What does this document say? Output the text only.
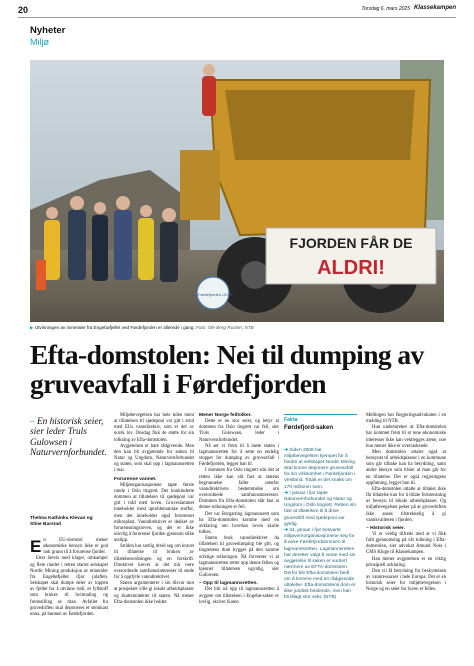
20	Torsdag 6. mars 2025 Klassekampen
Nyheter
Miljø
FJORDEN FÅR DE
ALDRI!
La Førdefjorden LEVE!
▶ Utvinningen av mineraler fra Engebøfjellet ved Førdefjorden er allerede i gang. Foto: Ole Berg-Rusten, NTB
Efta-domstolen: Nei til dumping av gruveavfall i Førdefjorden
– En historisk seier, sier leder Truls Gulowsen i Naturvernforbundet.
Thelma Kathinka Klevan og
Stine Barstad

En EU-domstol mener økonomiske hensyn ikke er god nok grunn til å forurense fjorder.

Etter årevis med klager, omkamper og flere runder i retten startet selskapet Nordic Mining produksjon av mineraler fra Engebøfjellet ifjor julaften. Selskapet skal dumpe deler av toppen av fjellet for å utvinne rutil, et fyllstoff som brukes til hvitmaling og fremstilling av titan. Avfallet fra gruvedriften skal deponeres et steinkast unna, på bunnen av Førdefjorden.

Miljøbevegelsen har hele tiden ment at tillatelsen til sjødeponi var gitt i strid med EUs vanndirektiv, som er del av norsk lov. Onsdag fikk de støtte for sin tolkning av Efta-domstolen.

Avgjørelsen er bare rådgivende. Men den kan bli avgjørende for anken til Natur og Ungdom, Naturvernforbundet og staten, som skal opp i lagmannsretten i mai.

Forurense vannet.

Miljøorganisasjonene tapte første runde i Oslo tingrett. Der konkluderte dommen at tillatelsen til sjødeponi var gitt i tråd med loven. Gruveslammet inneholder mest uproblematiske stoffer, men det inneholder også forurenset mikroplast. Vanndirektivet er dekket av forurensningsloven, og det er ikke ulovlig å forurense fjorden gjennom slike utslipp.

Striden har særlig dreid seg om kravet til tillatelse til bruken av tillatelsesordningen og en forskrift. Direktivet krever at det må være overordnede samfunnsinteresser til stede for å oppfylle vanndirektivet.

Staten argumenterer i sin tilsvar mot at prosjektet ville gi lokale arbeidsplasser og skatteinntekter til staten. Nå mener Efta-domstolen ikke holder.

Mener Norge feiltolker.

Dette er en stor seier, og betyr at dommen fra Oslo tingrett var feil, sier Truls Gulowsen, leder i Naturvernforbundet.

Nå ser vi frem til å møte staten i lagmannsretten for å sette en endelig stopper for dumping av gruveavfall i Førdefjorden, legger han til.

I dommen fra Oslo tingrett står det at retten ikke kan slå fast at statens begrunnelse faller utenfor vanndirektivets bestemmelse om overordnede samfunnsinteresser. Dommen fra Efta-domstolen slår fast at denne tolkningen er feil.

Det var Borgarting lagmannsrett som ba Efta-domstolen komme med en avklaring om hvordan loven skulle tolkes.

Staten bruk vanndirektivet da tillatelsen til gruvedumping ble gitt, og tingrettens dom bygger på den samme uriktige tolkningen. Nå forventer vi at lagmannsretten retter opp denne feilen og kjenner tillatelsen ugyldig, sier Gulowsen.

– Opp til lagmannsretten.

Det blir nå opp til lagmannsretten å avgjøre om tillatelsen i Engebø-saken er lovlig, skriver Karen

Fakta
Førdefjord-saken

➜ Siden 2008 har miljøbevegelsen kjempet for å hindre at selskapet Nordic Mining skal kunne deponere gruveavfall fra sin virksomhet i Førdefjorden i Vestland. Totalt er det snakk om 170 millioner tonn.

➜ I januar i fjor tapte Naturvernforbundet og Natur og Ungdom i Oslo tingrett. Retten slo fast at tillatelsen til å drive gruvedrift med sjødeponi var gyldig.

➜ 31. januar i fjor besvarte miljøvernorganisasjonene seg for å anke Førdefjorddommen til lagmannsretten. Lagmannsretten har deretter valgt å vente med sin avgjørelse til saken er vurdert nærmere av EFTA-domstolen. Derfor ble Efta-domstolen bedt om å komme med en rådgivende uttalelse. Efta-domstolens dom er ikke juridisk bindende, men kan bli tillagt stor vekt. (NTB)

Mellingen hos Regjeringsadvokaten i en melding til NTB.

Hun understreker at Efta-domstolen har kommet frem til at rene økonomiske interesser ikke kan vektlegges alene, noe hun mener ikke er overraskende.

Men domstolen uttaler også at hensynet til arbeidsplasser i en kommune som går tilbake kan ha betydning, samt andre hensyn som tilsier at man går for en tillatelse. Det er også regjeringens oppfatning, legger hun til.

Efta-domstolen uttalte at tiltaket ikke får tillatelse kun for å tillate forurensning av hensyn til lokale arbeidsplasser. Og miljøbevegelsen peker på at gruvedriften ikke anses tilstrekkelig å gi vannkvaliteten i fjorden.

– Historisk seier.

Vi er veldig tilfreds med at vi fikk fullt gjennomslag på vår tolkning i Efta-domstolen, sier advokat Amund Noss i CMS Kluge til Klassekampen.

Han mener avgjørelsen er en viktig prinsipiell avklaring.

Den vil få betydning for beskyttelsen av vannressurser i hele Europa. Det er en historisk seier for miljøbevegelsen i Norge og en seier for loven er felles.
